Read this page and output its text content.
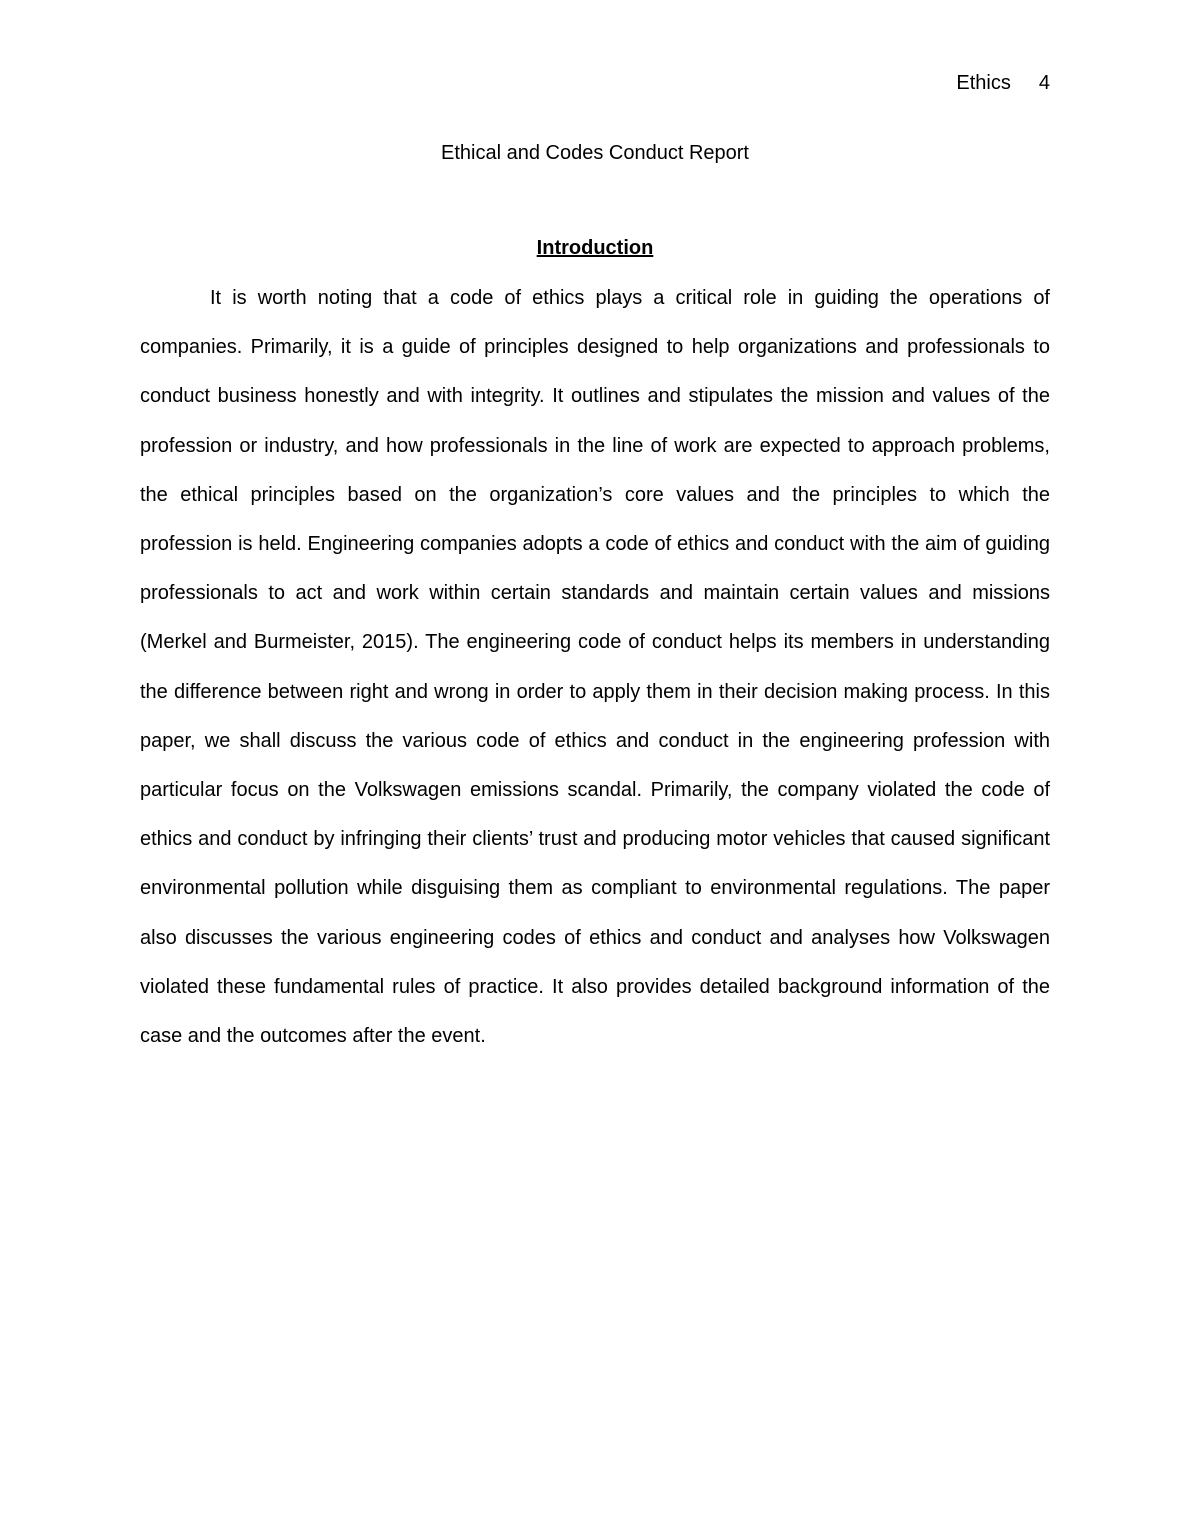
Ethics 4
Ethical and Codes Conduct Report
Introduction

It is worth noting that a code of ethics plays a critical role in guiding the operations of companies. Primarily, it is a guide of principles designed to help organizations and professionals to conduct business honestly and with integrity. It outlines and stipulates the mission and values of the profession or industry, and how professionals in the line of work are expected to approach problems, the ethical principles based on the organization’s core values and the principles to which the profession is held. Engineering companies adopts a code of ethics and conduct with the aim of guiding professionals to act and work within certain standards and maintain certain values and missions (Merkel and Burmeister, 2015). The engineering code of conduct helps its members in understanding the difference between right and wrong in order to apply them in their decision making process. In this paper, we shall discuss the various code of ethics and conduct in the engineering profession with particular focus on the Volkswagen emissions scandal. Primarily, the company violated the code of ethics and conduct by infringing their clients’ trust and producing motor vehicles that caused significant environmental pollution while disguising them as compliant to environmental regulations. The paper also discusses the various engineering codes of ethics and conduct and analyses how Volkswagen violated these fundamental rules of practice. It also provides detailed background information of the case and the outcomes after the event.
